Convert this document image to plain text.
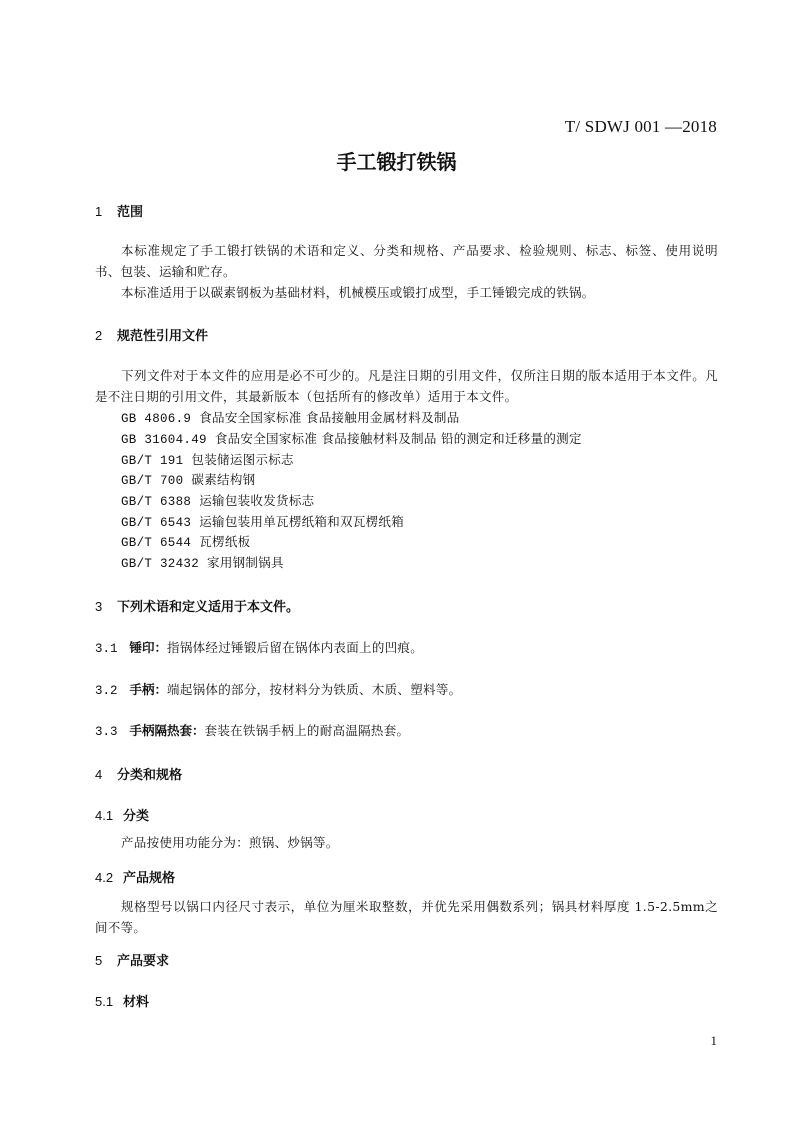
T/ SDWJ 001 —2018
手工锻打铁锅
1 范围
本标准规定了手工锻打铁锅的术语和定义、分类和规格、产品要求、检验规则、标志、标签、使用说明书、包装、运输和贮存。
本标准适用于以碳素钢板为基础材料，机械模压或锻打成型，手工锤锻完成的铁锅。
2 规范性引用文件
下列文件对于本文件的应用是必不可少的。凡是注日期的引用文件，仅所注日期的版本适用于本文件。凡是不注日期的引用文件，其最新版本（包括所有的修改单）适用于本文件。
GB 4806.9 食品安全国家标准 食品接触用金属材料及制品
GB 31604.49 食品安全国家标准 食品接触材料及制品 铅的测定和迁移量的测定
GB/T 191 包装储运图示标志
GB/T 700 碳素结构钢
GB/T 6388 运输包装收发货标志
GB/T 6543 运输包装用单瓦楞纸箱和双瓦楞纸箱
GB/T 6544 瓦楞纸板
GB/T 32432 家用钢制锅具
3 下列术语和定义适用于本文件。
3.1 锤印：指锅体经过锤锻后留在锅体内表面上的凹痕。
3.2 手柄：端起锅体的部分，按材料分为铁质、木质、塑料等。
3.3 手柄隔热套：套装在铁锅手柄上的耐高温隔热套。
4 分类和规格
4.1 分类
产品按使用功能分为：煎锅、炒锅等。
4.2 产品规格
规格型号以锅口内径尺寸表示，单位为厘米取整数，并优先采用偶数系列；锅具材料厚度 1.5-2.5mm之间不等。
5 产品要求
5.1 材料
1
